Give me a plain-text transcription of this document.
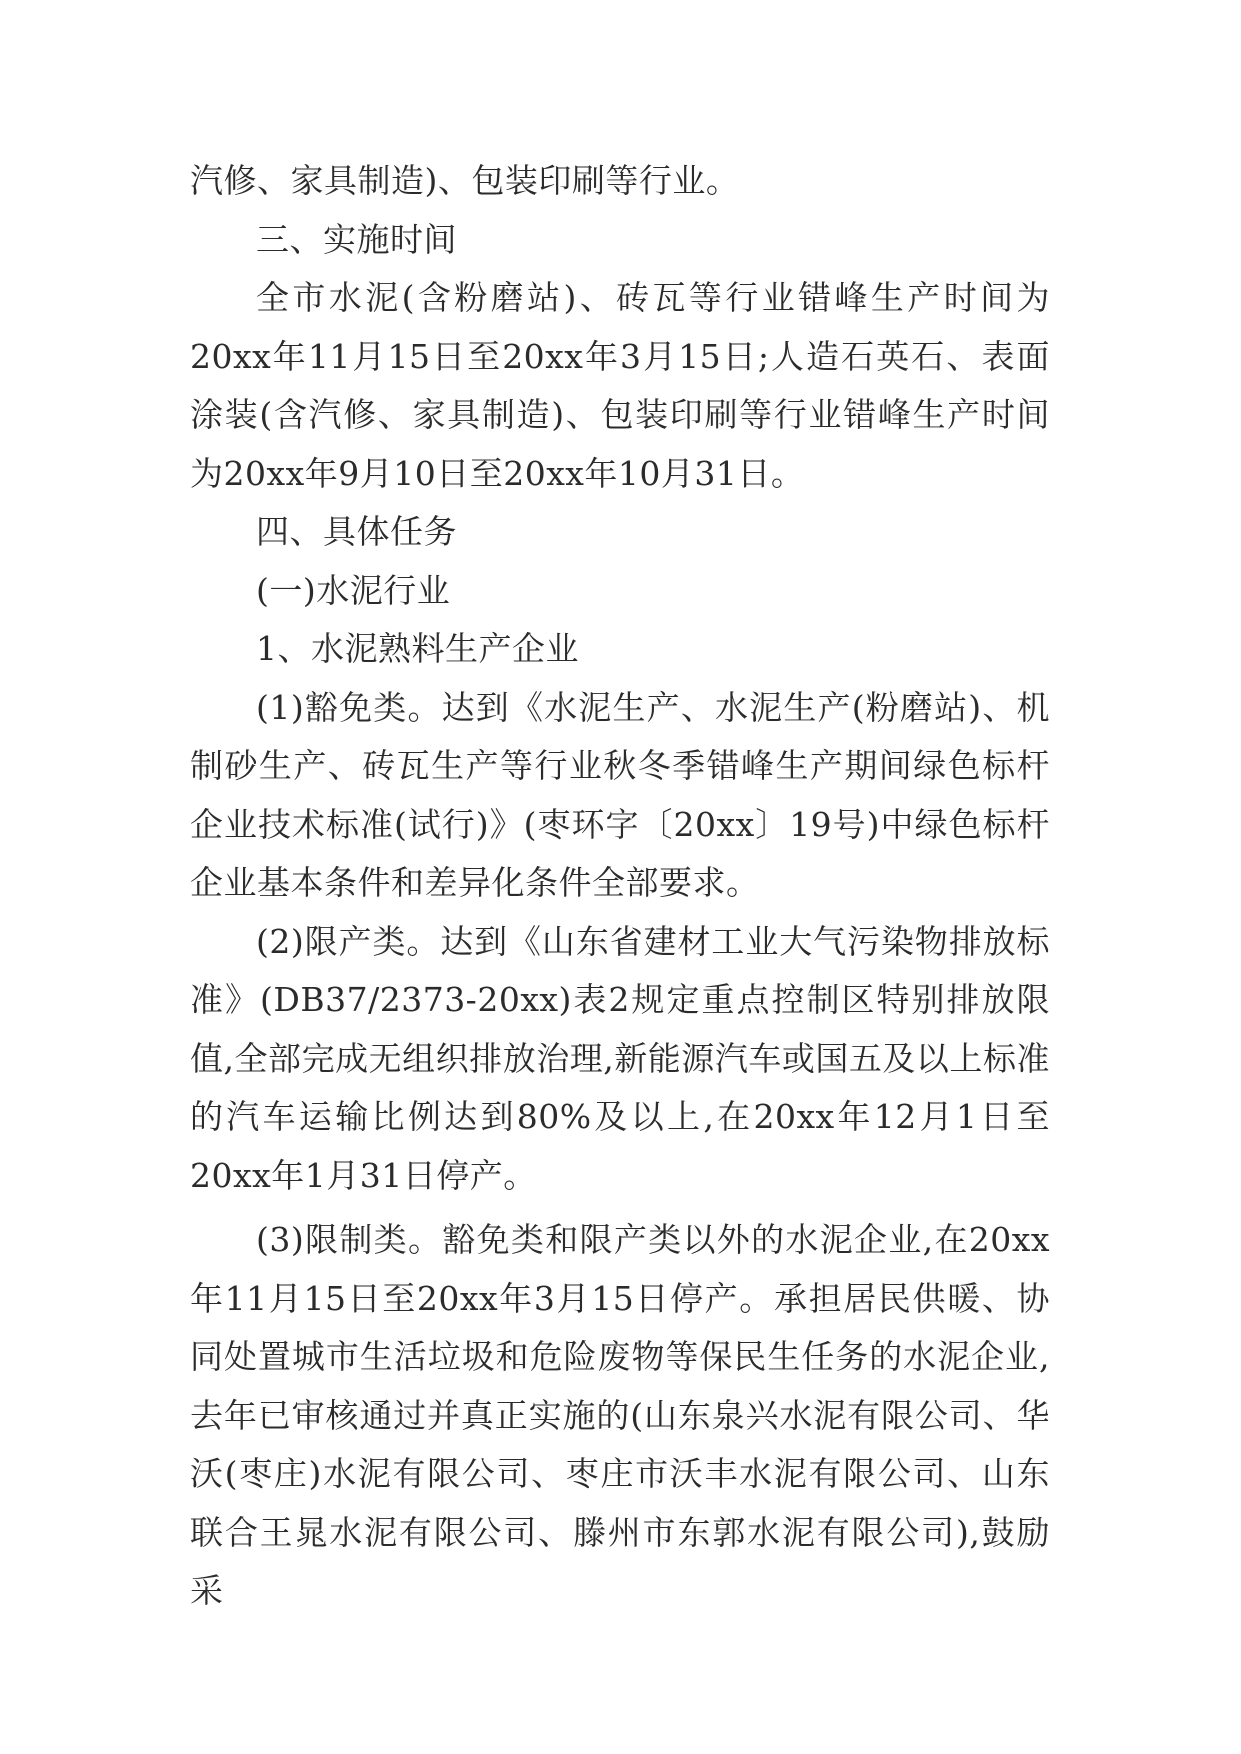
汽修、家具制造)、包装印刷等行业。

三、实施时间

全市水泥(含粉磨站)、砖瓦等行业错峰生产时间为20xx年11月15日至20xx年3月15日;人造石英石、表面涂装(含汽修、家具制造)、包装印刷等行业错峰生产时间为20xx年9月10日至20xx年10月31日。

四、具体任务

(一)水泥行业

1、水泥熟料生产企业

(1)豁免类。达到《水泥生产、水泥生产(粉磨站)、机制砂生产、砖瓦生产等行业秋冬季错峰生产期间绿色标杆企业技术标准(试行)》(枣环字〔20xx〕19号)中绿色标杆企业基本条件和差异化条件全部要求。

(2)限产类。达到《山东省建材工业大气污染物排放标准》(DB37/2373-20xx)表2规定重点控制区特别排放限值,全部完成无组织排放治理,新能源汽车或国五及以上标准的汽车运输比例达到80%及以上,在20xx年12月1日至20xx年1月31日停产。

(3)限制类。豁免类和限产类以外的水泥企业,在20xx年11月15日至20xx年3月15日停产。承担居民供暖、协同处置城市生活垃圾和危险废物等保民生任务的水泥企业,去年已审核通过并真正实施的(山东泉兴水泥有限公司、华沃(枣庄)水泥有限公司、枣庄市沃丰水泥有限公司、山东联合王晁水泥有限公司、滕州市东郭水泥有限公司),鼓励采
